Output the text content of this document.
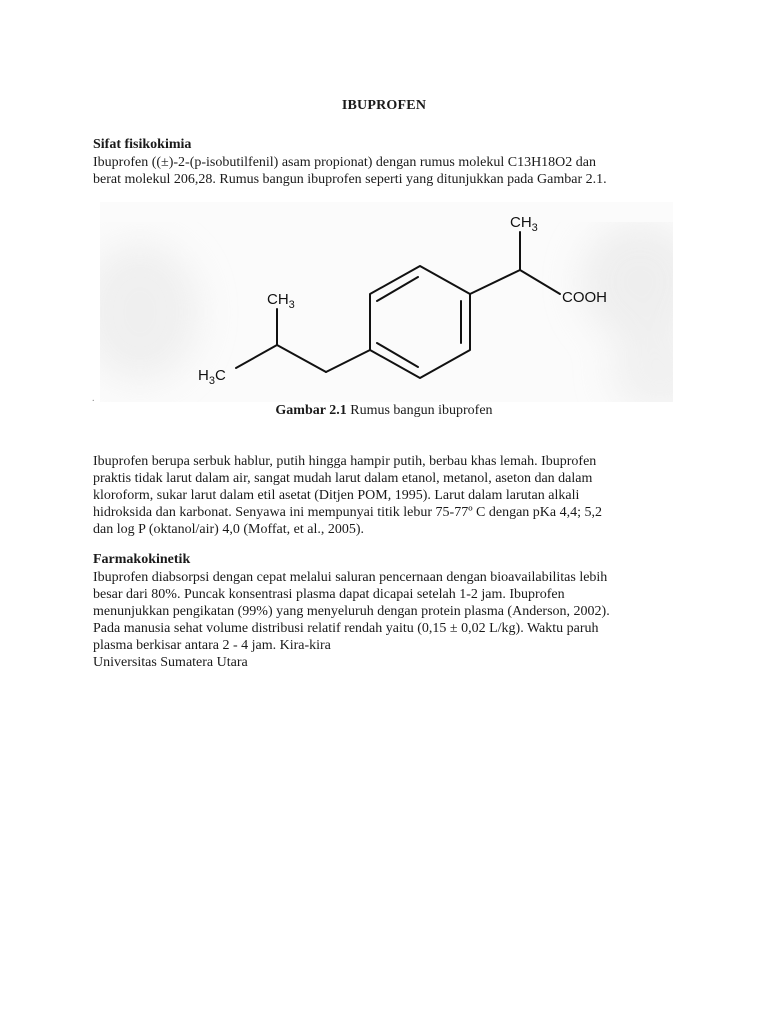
IBUPROFEN
Sifat fisikokimia
Ibuprofen ((±)-2-(p-isobutilfenil) asam propionat) dengan rumus molekul C13H18O2 dan
berat molekul 206,28. Rumus bangun ibuprofen seperti yang ditunjukkan pada Gambar 2.1.
$CH_3$
COOH
$CH_3$
$H_3C$
.
Gambar 2.1 Rumus bangun ibuprofen
Ibuprofen berupa serbuk hablur, putih hingga hampir putih, berbau khas lemah. Ibuprofen
praktis tidak larut dalam air, sangat mudah larut dalam etanol, metanol, aseton dan dalam
kloroform, sukar larut dalam etil asetat (Ditjen POM, 1995). Larut dalam larutan alkali
hidroksida dan karbonat. Senyawa ini mempunyai titik lebur 75-77º C dengan pKa 4,4; 5,2
dan log P (oktanol/air) 4,0 (Moffat, et al., 2005).
Farmakokinetik
Ibuprofen diabsorpsi dengan cepat melalui saluran pencernaan dengan bioavailabilitas lebih
besar dari 80%. Puncak konsentrasi plasma dapat dicapai setelah 1-2 jam. Ibuprofen
menunjukkan pengikatan (99%) yang menyeluruh dengan protein plasma (Anderson, 2002).
Pada manusia sehat volume distribusi relatif rendah yaitu (0,15 ± 0,02 L/kg). Waktu paruh
plasma berkisar antara 2 - 4 jam. Kira-kira
Universitas Sumatera Utara
